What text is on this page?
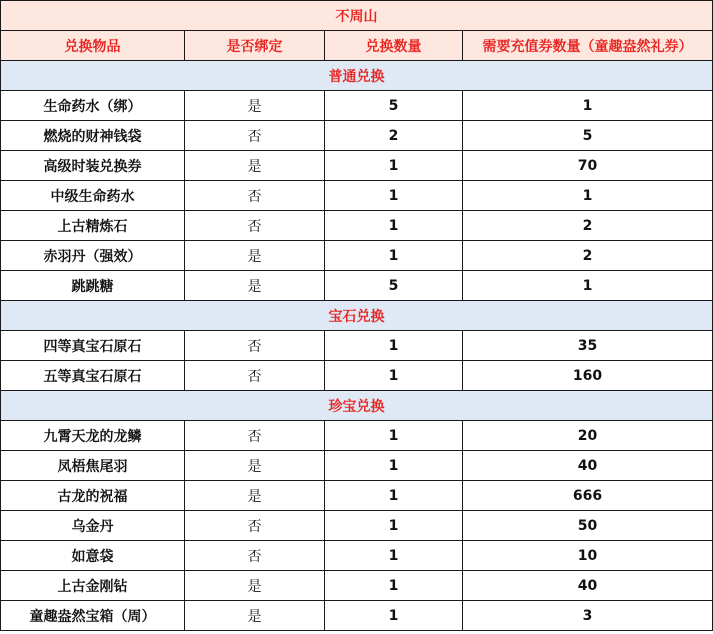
不周山			
兑换物品	是否绑定	兑换数量	需要充值券数量（童趣盎然礼券）
普通兑换			
生命药水（绑）	是	5	1
燃烧的财神钱袋	否	2	5
高级时装兑换券	是	1	70
中级生命药水	否	1	1
上古精炼石	否	1	2
赤羽丹（强效）	是	1	2
跳跳糖	是	5	1
宝石兑换			
四等真宝石原石	否	1	35
五等真宝石原石	否	1	160
珍宝兑换			
九霄天龙的龙鳞	否	1	20
凤梧焦尾羽	是	1	40
古龙的祝福	是	1	666
乌金丹	否	1	50
如意袋	否	1	10
上古金刚钻	是	1	40
童趣盎然宝箱（周）	是	1	3
